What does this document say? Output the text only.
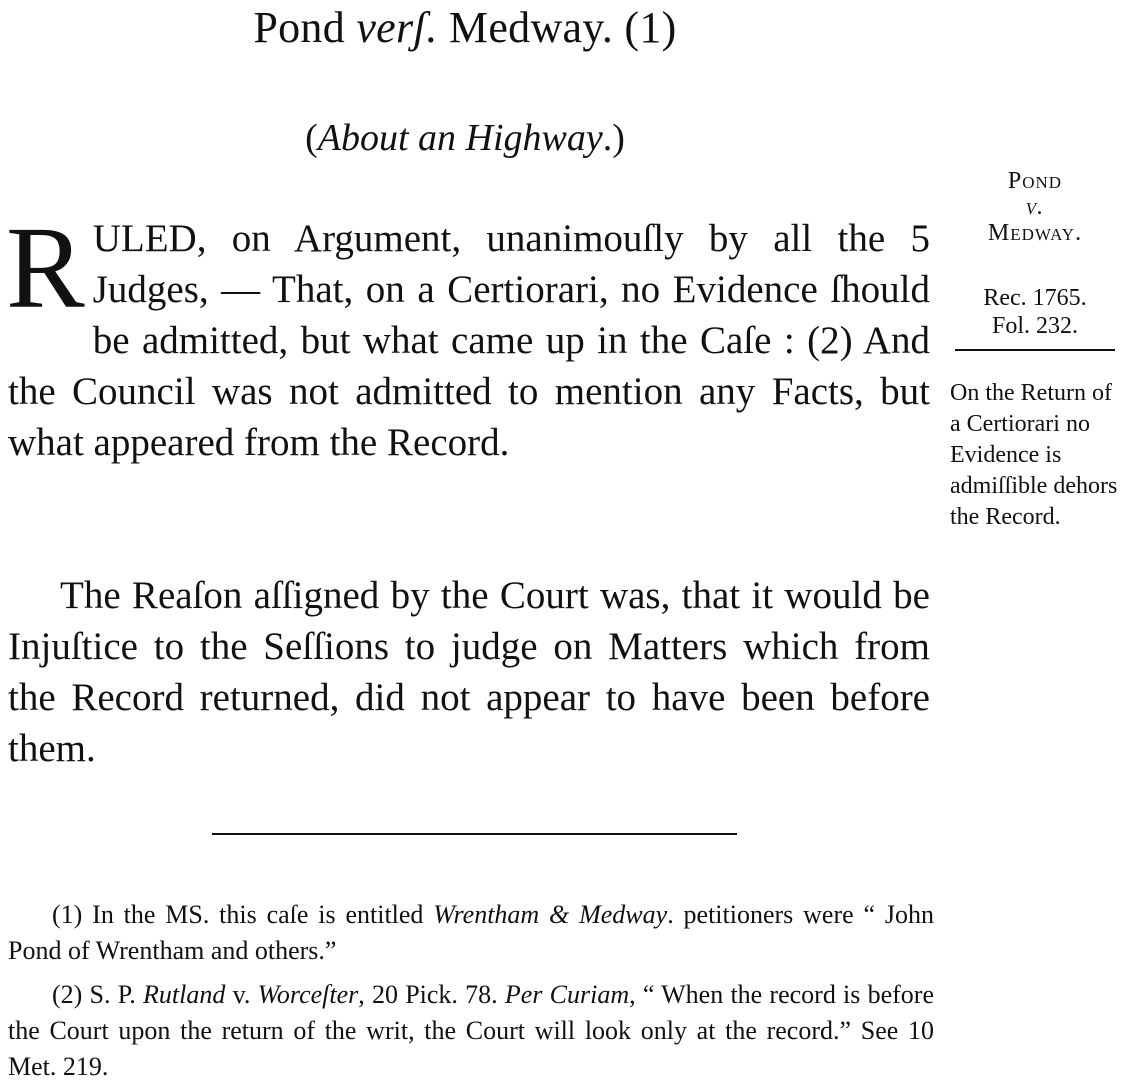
Pond verʃ. Medway. (1)
(About an Highway.)

RULED, on Argument, unanimouſly by all the 5 Judges, — That, on a Certiorari, no Evidence ſhould be admitted, but what came up in the Caſe : (2) And the Council was not admitted to mention any Facts, but what appeared from the Record.

The Reaſon aſſigned by the Court was, that it would be Injuſtice to the Seſſions to judge on Matters which from the Record returned, did not appear to have been before them.

Pond
v.
Medway.
Rec. 1765.
Fol. 232.
On the Return of a Certiorari no Evidence is admiſſible dehors the Record.

(1) In the MS. this caſe is entitled Wrentham & Medway. petitioners were “ John Pond of Wrentham and others.”

(2) S. P. Rutland v. Worceſter, 20 Pick. 78. Per Curiam, “ When the record is before the Court upon the return of the writ, the Court will look only at the record.” See 10 Met. 219.
